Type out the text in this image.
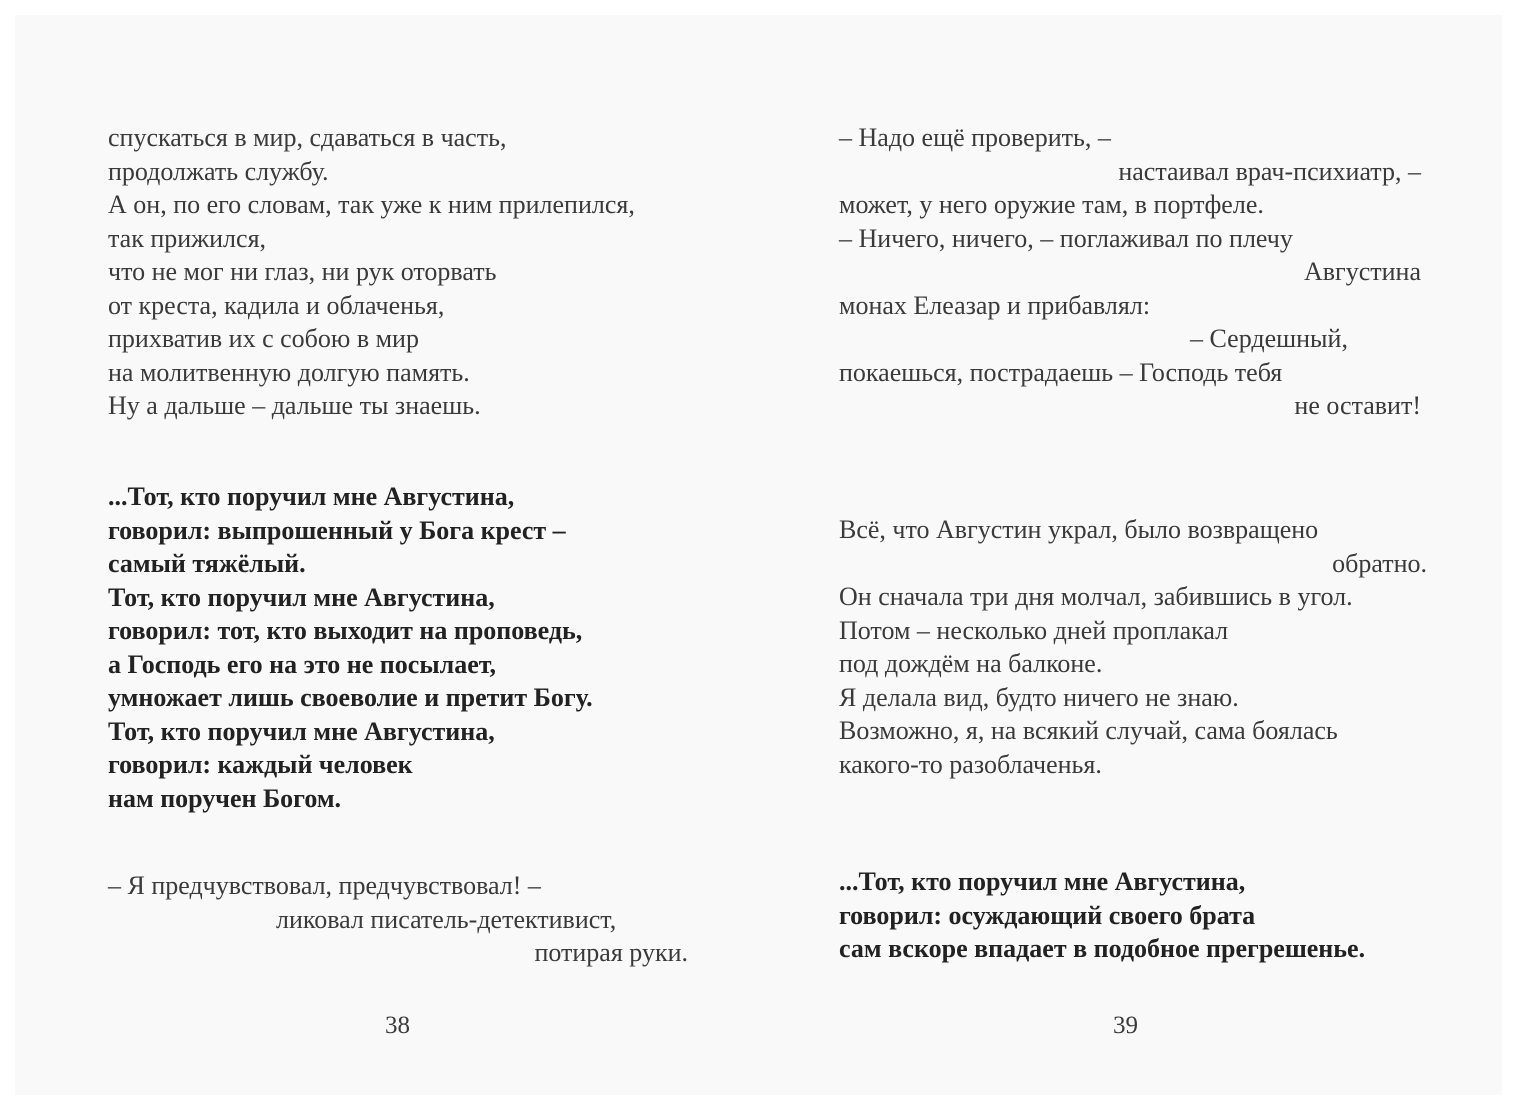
спускаться в мир, сдаваться в часть,
продолжать службу.
А он, по его словам, так уже к ним прилепился,
так прижился,
что не мог ни глаз, ни рук оторвать
от креста, кадила и облаченья,
прихватив их с собою в мир
на молитвенную долгую память.
Ну а дальше – дальше ты знаешь.
...Тот, кто поручил мне Августина,
говорил: выпрошенный у Бога крест –
самый тяжёлый.
Тот, кто поручил мне Августина,
говорил: тот, кто выходит на проповедь,
а Господь его на это не посылает,
умножает лишь своеволие и претит Богу.
Тот, кто поручил мне Августина,
говорил: каждый человек
нам поручен Богом.
– Я предчувствовал, предчувствовал! –
ликовал писатель-детективист,
потирая руки.
38
– Надо ещё проверить, –
настаивал врач-психиатр, –
может, у него оружие там, в портфеле.
– Ничего, ничего, – поглаживал по плечу
Августина
монах Елеазар и прибавлял:
– Сердешный,
покаешься, пострадаешь – Господь тебя
не оставит!
Всё, что Августин украл, было возвращено
обратно.
Он сначала три дня молчал, забившись в угол.
Потом – несколько дней проплакал
под дождём на балконе.
Я делала вид, будто ничего не знаю.
Возможно, я, на всякий случай, сама боялась
какого-то разоблаченья.
...Тот, кто поручил мне Августина,
говорил: осуждающий своего брата
сам вскоре впадает в подобное прегрешенье.
39
